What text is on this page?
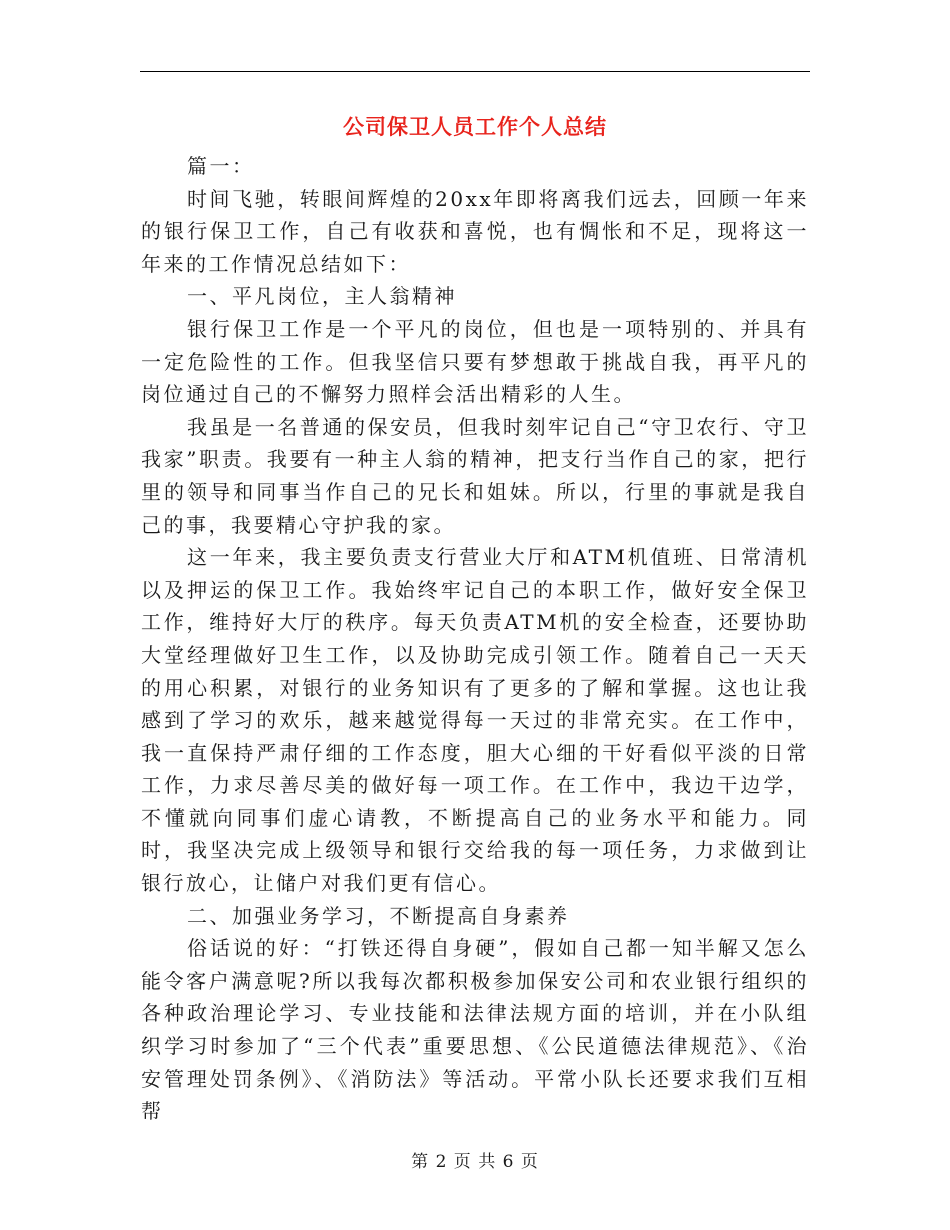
公司保卫人员工作个人总结

篇一：

时间飞驰，转眼间辉煌的20xx年即将离我们远去，回顾一年来的银行保卫工作，自己有收获和喜悦，也有惆怅和不足，现将这一年来的工作情况总结如下：

一、平凡岗位，主人翁精神

银行保卫工作是一个平凡的岗位，但也是一项特别的、并具有一定危险性的工作。但我坚信只要有梦想敢于挑战自我，再平凡的岗位通过自己的不懈努力照样会活出精彩的人生。

我虽是一名普通的保安员，但我时刻牢记自己“守卫农行、守卫我家”职责。我要有一种主人翁的精神，把支行当作自己的家，把行里的领导和同事当作自己的兄长和姐妹。所以，行里的事就是我自己的事，我要精心守护我的家。

这一年来，我主要负责支行营业大厅和ATM机值班、日常清机以及押运的保卫工作。我始终牢记自己的本职工作，做好安全保卫工作，维持好大厅的秩序。每天负责ATM机的安全检查，还要协助大堂经理做好卫生工作，以及协助完成引领工作。随着自己一天天的用心积累，对银行的业务知识有了更多的了解和掌握。这也让我感到了学习的欢乐，越来越觉得每一天过的非常充实。在工作中，我一直保持严肃仔细的工作态度，胆大心细的干好看似平淡的日常工作，力求尽善尽美的做好每一项工作。在工作中，我边干边学，不懂就向同事们虚心请教，不断提高自己的业务水平和能力。同时，我坚决完成上级领导和银行交给我的每一项任务，力求做到让银行放心，让储户对我们更有信心。

二、加强业务学习，不断提高自身素养

俗话说的好：“打铁还得自身硬”，假如自己都一知半解又怎么能令客户满意呢?所以我每次都积极参加保安公司和农业银行组织的各种政治理论学习、专业技能和法律法规方面的培训，并在小队组织学习时参加了“三个代表”重要思想、《公民道德法律规范》、《治安管理处罚条例》、《消防法》等活动。平常小队长还要求我们互相帮

第 2 页 共 6 页
